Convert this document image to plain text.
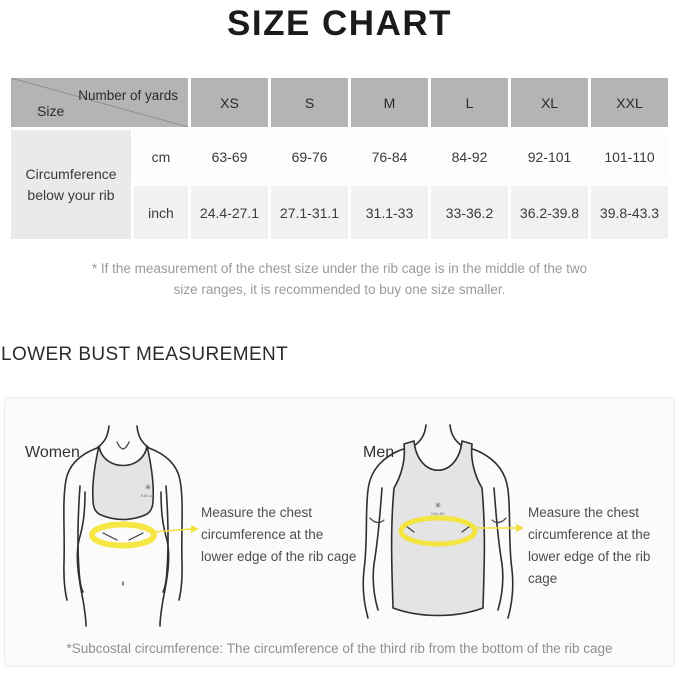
SIZE CHART
Number of yards
Size		XS	S	M	L	XL	XXL
Circumference below your rib	cm	63-69	69-76	76-84	84-92	92-101	101-110
	inch	24.4-27.1	27.1-31.1	31.1-33	33-36.2	36.2-39.8	39.8-43.3
* If the measurement of the chest size under the rib cage is in the middle of the two size ranges, it is recommended to buy one size smaller.
LOWER BUST MEASUREMENT
Women	Men
✳
KAILAS
✳
KAILAS
Measure the chest
circumference at the
lower edge of the rib cage
Measure the chest
circumference at the
lower edge of the rib cage
*Subcostal circumference: The circumference of the third rib from the bottom of the rib cage
